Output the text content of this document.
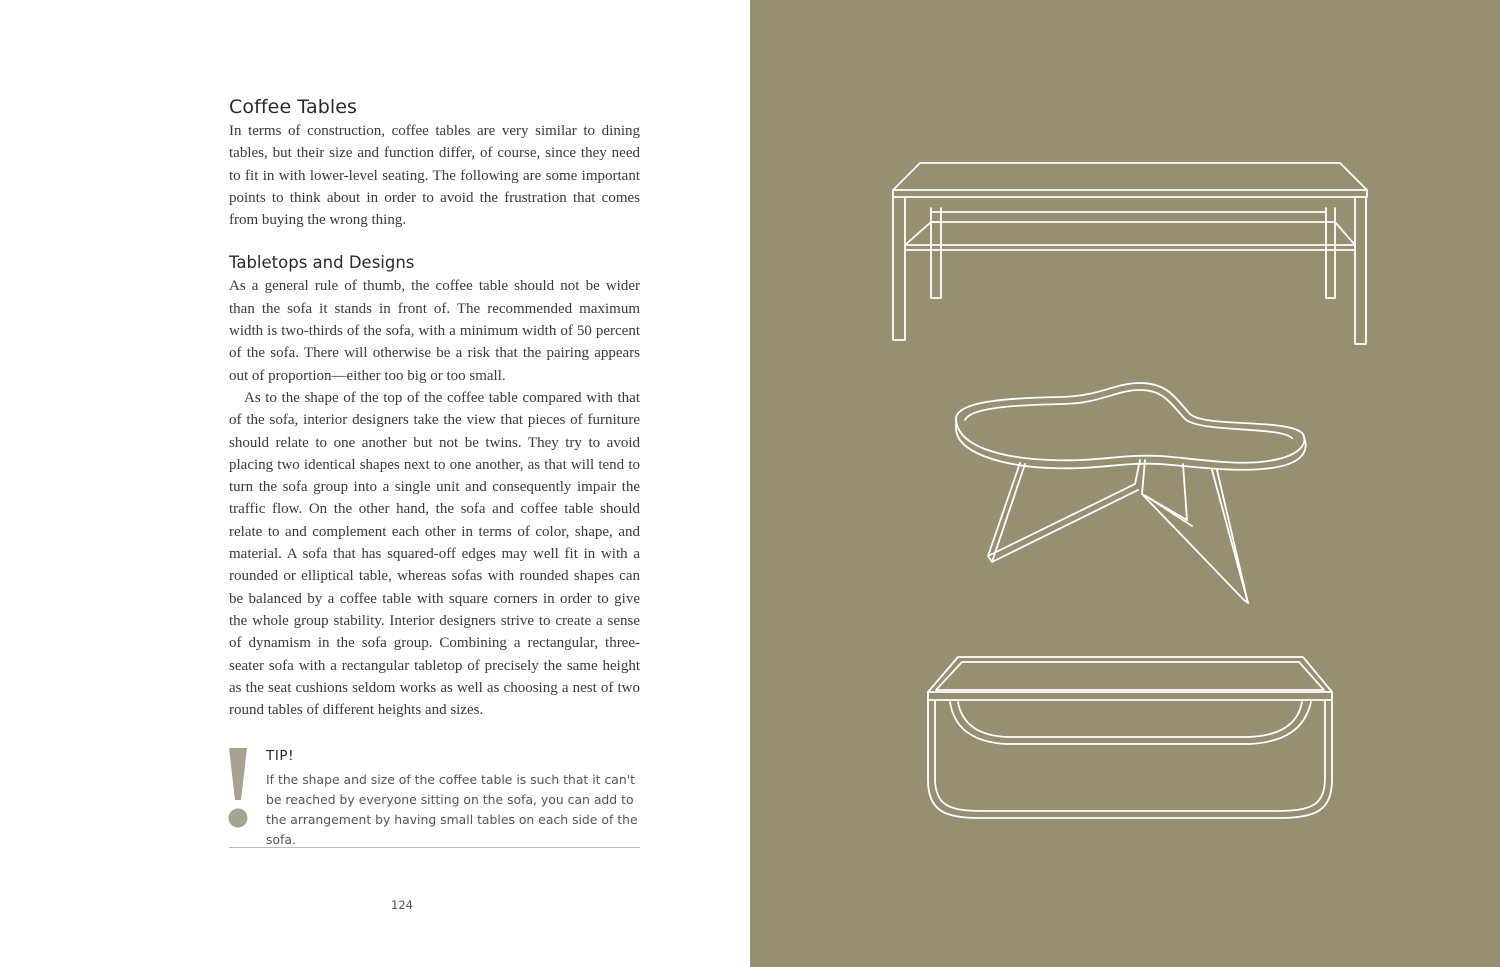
Coffee Tables

In terms of construction, coffee tables are very similar to dining tables, but their size and function differ, of course, since they need to fit in with lower-level seating. The following are some important points to think about in order to avoid the frustration that comes from buying the wrong thing.

Tabletops and Designs

As a general rule of thumb, the coffee table should not be wider than the sofa it stands in front of. The recommended maximum width is two-thirds of the sofa, with a minimum width of 50 percent of the sofa. There will otherwise be a risk that the pairing appears out of proportion—either too big or too small.

As to the shape of the top of the coffee table compared with that of the sofa, interior designers take the view that pieces of furniture should relate to one another but not be twins. They try to avoid placing two identical shapes next to one another, as that will tend to turn the sofa group into a single unit and consequently impair the traffic flow. On the other hand, the sofa and coffee table should relate to and complement each other in terms of color, shape, and material. A sofa that has squared-off edges may well fit in with a rounded or elliptical table, whereas sofas with rounded shapes can be balanced by a coffee table with square corners in order to give the whole group stability. Interior designers strive to create a sense of dynamism in the sofa group. Combining a rectangular, three-seater sofa with a rectangular tabletop of precisely the same height as the seat cushions seldom works as well as choosing a nest of two round tables of different heights and sizes.

TIP!

If the shape and size of the coffee table is such that it can't be reached by everyone sitting on the sofa, you can add to the arrangement by having small tables on each side of the sofa.

124
